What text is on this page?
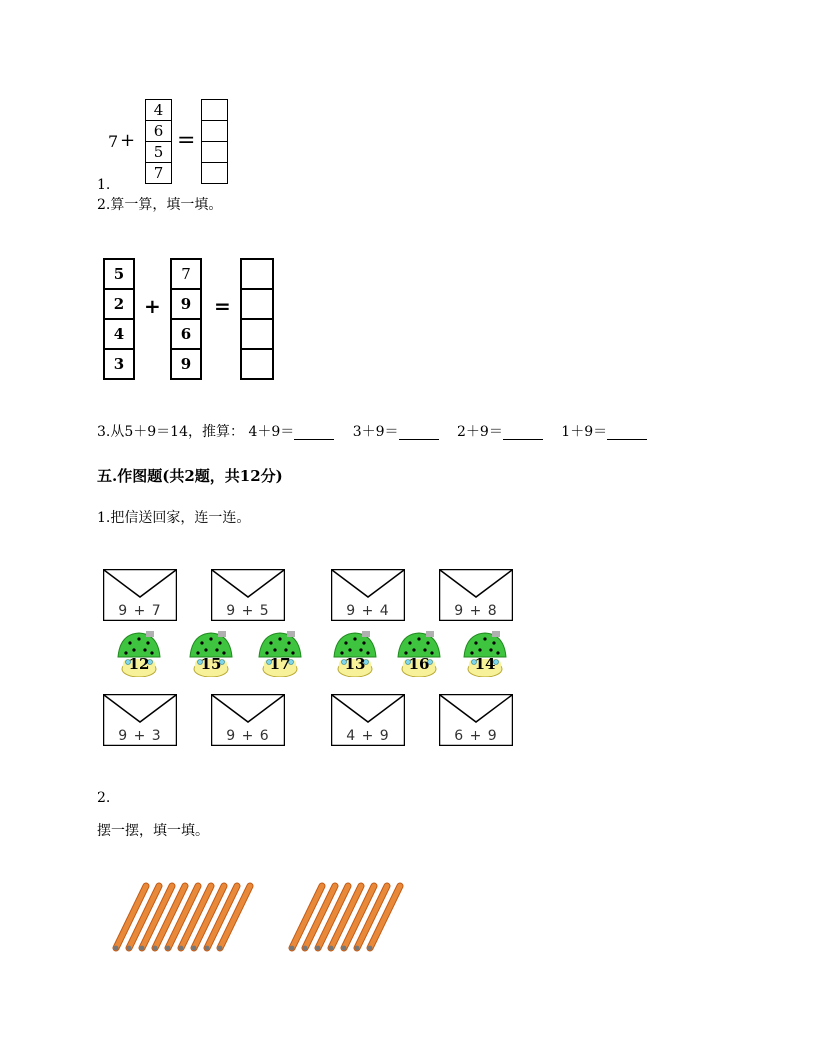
7 +
4
6
5
7
=
1.
2.算一算，填一填。
5
2
4
3
+
7
9
6
9
=
3.从5＋9＝14，推算： 4＋9＝	3＋9＝	2＋9＝	1＋9＝
五.作图题(共2题，共12分)
1.把信送回家，连一连。
9 + 7	9 + 5	9 + 4	9 + 8
12	15	17	13	16	14
9 + 3	9 + 6	4 + 9	6 + 9
2.
摆一摆，填一填。
